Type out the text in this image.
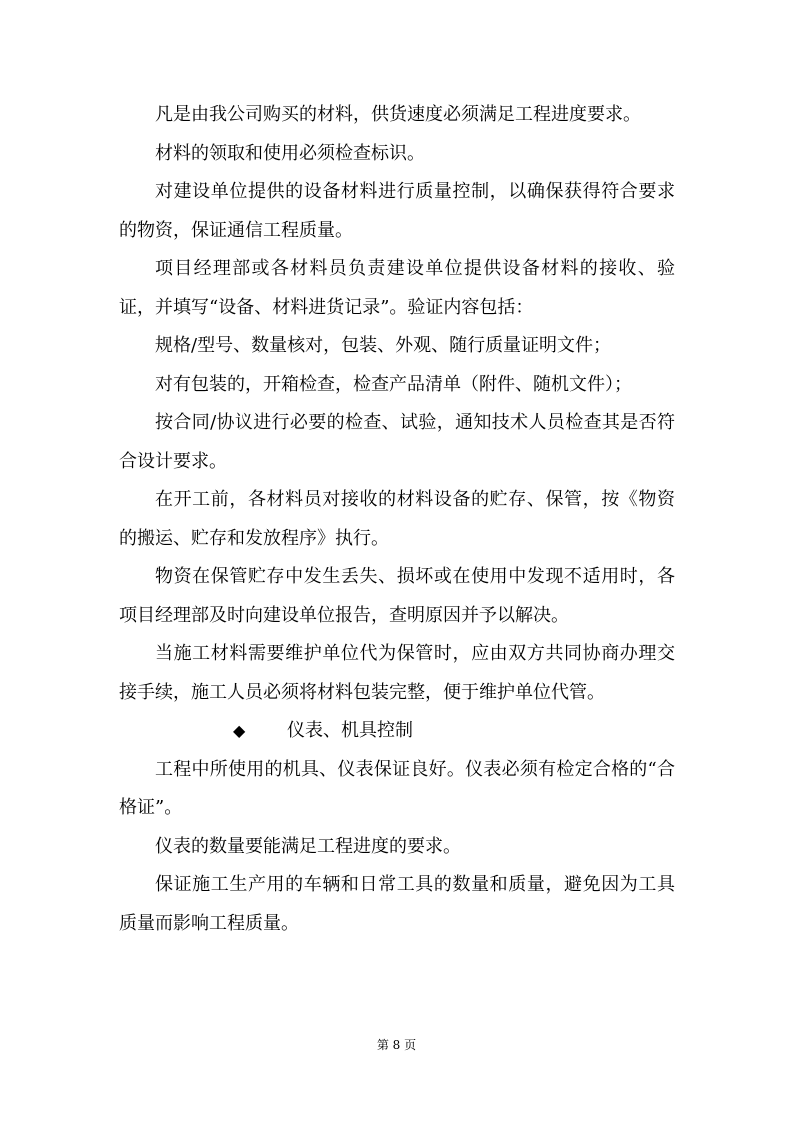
凡是由我公司购买的材料，供货速度必须满足工程进度要求。

材料的领取和使用必须检查标识。

对建设单位提供的设备材料进行质量控制，以确保获得符合要求的物资，保证通信工程质量。

项目经理部或各材料员负责建设单位提供设备材料的接收、验证，并填写“设备、材料进货记录”。验证内容包括：

规格/型号、数量核对，包装、外观、随行质量证明文件；

对有包装的，开箱检查，检查产品清单（附件、随机文件）；

按合同/协议进行必要的检查、试验，通知技术人员检查其是否符合设计要求。

在开工前，各材料员对接收的材料设备的贮存、保管，按《物资的搬运、贮存和发放程序》执行。

物资在保管贮存中发生丢失、损坏或在使用中发现不适用时，各项目经理部及时向建设单位报告，查明原因并予以解决。

当施工材料需要维护单位代为保管时，应由双方共同协商办理交接手续，施工人员必须将材料包装完整，便于维护单位代管。

◆ 仪表、机具控制

工程中所使用的机具、仪表保证良好。仪表必须有检定合格的“合格证”。

仪表的数量要能满足工程进度的要求。

保证施工生产用的车辆和日常工具的数量和质量，避免因为工具质量而影响工程质量。

第 8 页
